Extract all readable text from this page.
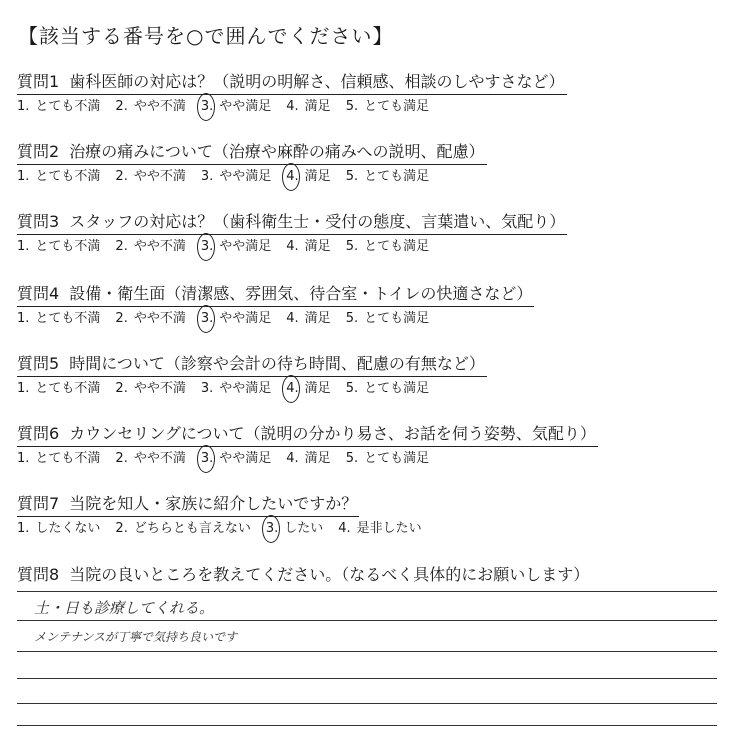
【該当する番号を○で囲んでください】
質問1 歯科医師の対応は？（説明の明解さ、信頼感、相談のしやすさなど）
1. とても不満 2. やや不満 3. やや満足 4. 満足 5. とても満足
質問2 治療の痛みについて（治療や麻酔の痛みへの説明、配慮）
1. とても不満 2. やや不満 3. やや満足 4. 満足 5. とても満足
質問3 スタッフの対応は？（歯科衛生士・受付の態度、言葉遣い、気配り）
1. とても不満 2. やや不満 3. やや満足 4. 満足 5. とても満足
質問4 設備・衛生面（清潔感、雰囲気、待合室・トイレの快適さなど）
1. とても不満 2. やや不満 3. やや満足 4. 満足 5. とても満足
質問5 時間について（診察や会計の待ち時間、配慮の有無など）
1. とても不満 2. やや不満 3. やや満足 4. 満足 5. とても満足
質問6 カウンセリングについて（説明の分かり易さ、お話を伺う姿勢、気配り）
1. とても不満 2. やや不満 3. やや満足 4. 満足 5. とても満足
質問7 当院を知人・家族に紹介したいですか？
1. したくない 2. どちらとも言えない 3. したい 4. 是非したい
質問8 当院の良いところを教えてください。（なるべく具体的にお願いします）
土・日も診療してくれる。
メンテナンスが丁寧で気持ち良いです
